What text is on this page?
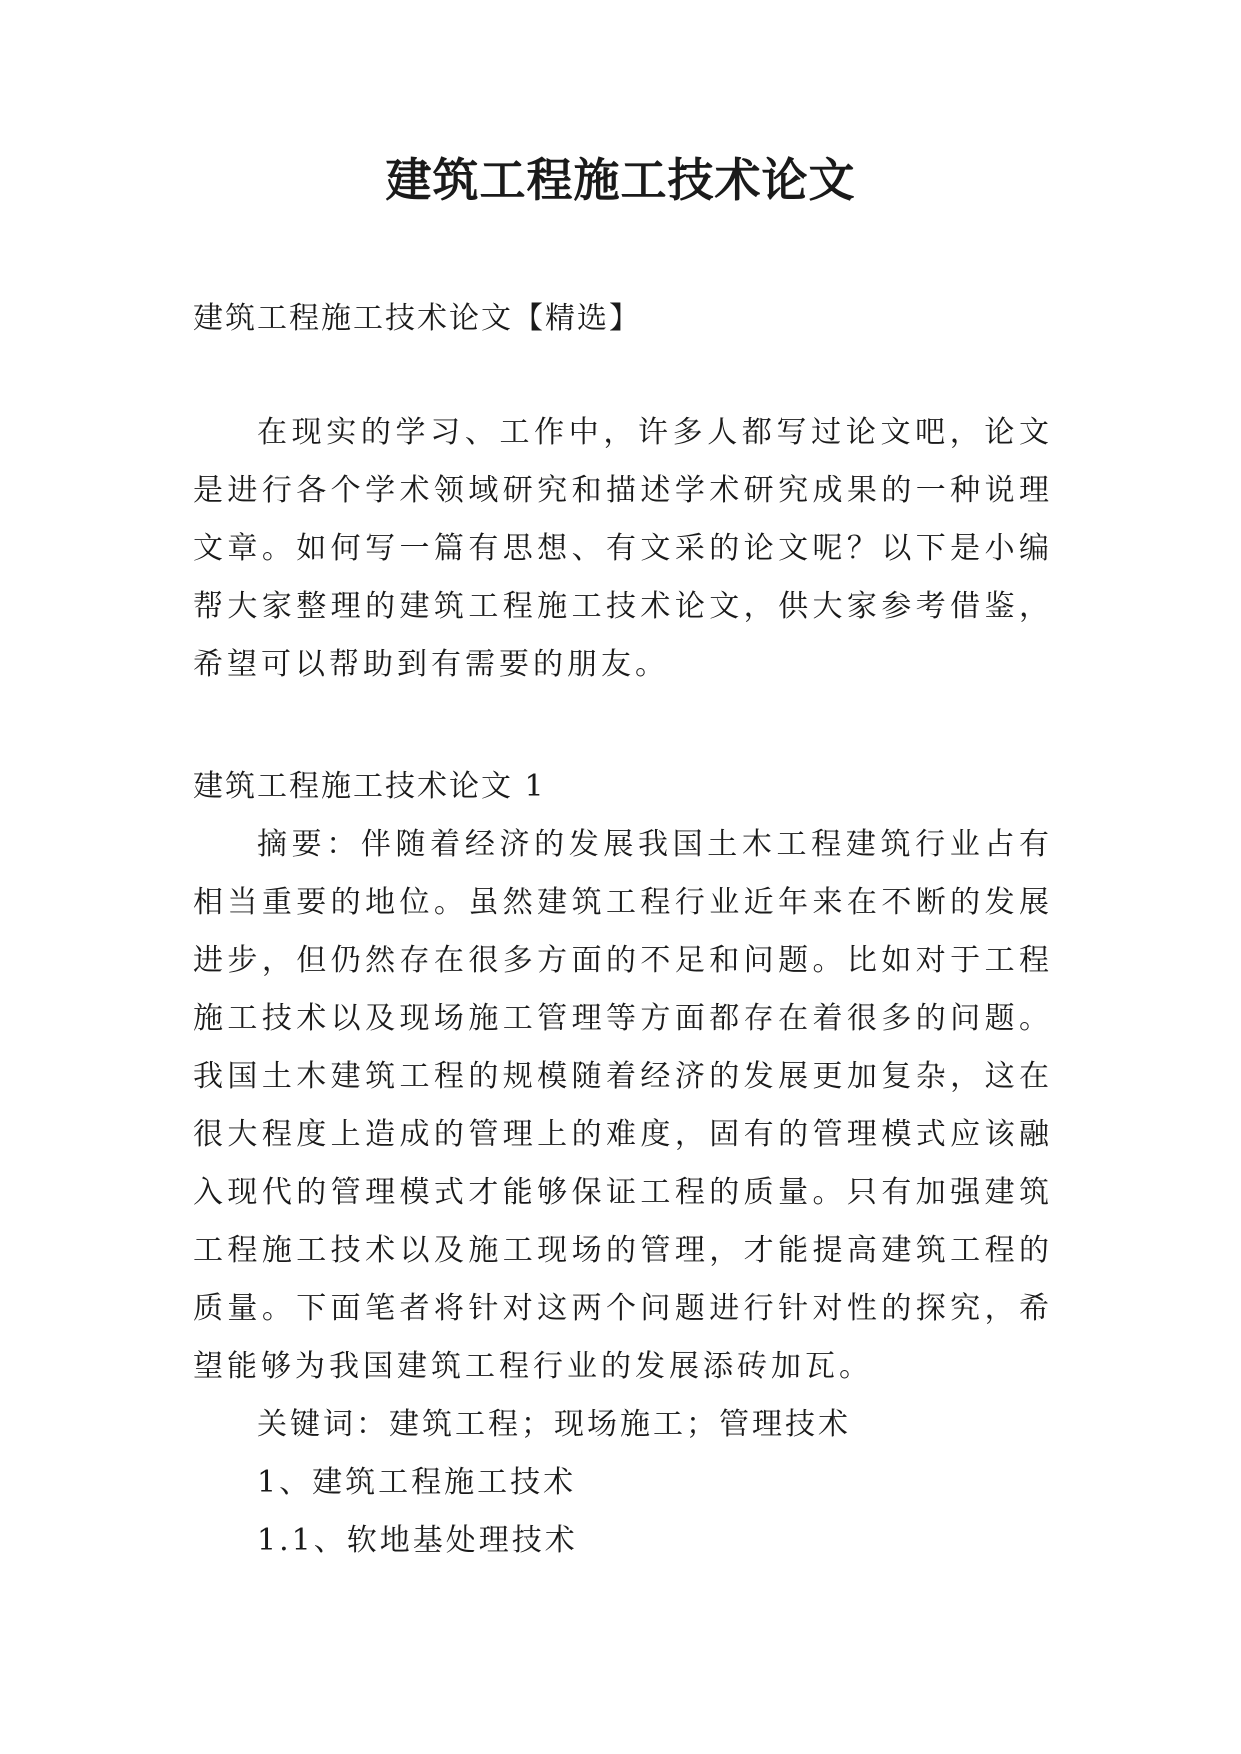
建筑工程施工技术论文
建筑工程施工技术论文【精选】
在现实的学习、工作中，许多人都写过论文吧，论文是进行各个学术领域研究和描述学术研究成果的一种说理文章。如何写一篇有思想、有文采的论文呢？以下是小编帮大家整理的建筑工程施工技术论文，供大家参考借鉴，希望可以帮助到有需要的朋友。
建筑工程施工技术论文 1
摘要：伴随着经济的发展我国土木工程建筑行业占有相当重要的地位。虽然建筑工程行业近年来在不断的发展进步，但仍然存在很多方面的不足和问题。比如对于工程施工技术以及现场施工管理等方面都存在着很多的问题。我国土木建筑工程的规模随着经济的发展更加复杂，这在很大程度上造成的管理上的难度，固有的管理模式应该融入现代的管理模式才能够保证工程的质量。只有加强建筑工程施工技术以及施工现场的管理，才能提高建筑工程的质量。下面笔者将针对这两个问题进行针对性的探究，希望能够为我国建筑工程行业的发展添砖加瓦。
关键词：建筑工程；现场施工；管理技术
1、建筑工程施工技术
1.1、软地基处理技术
